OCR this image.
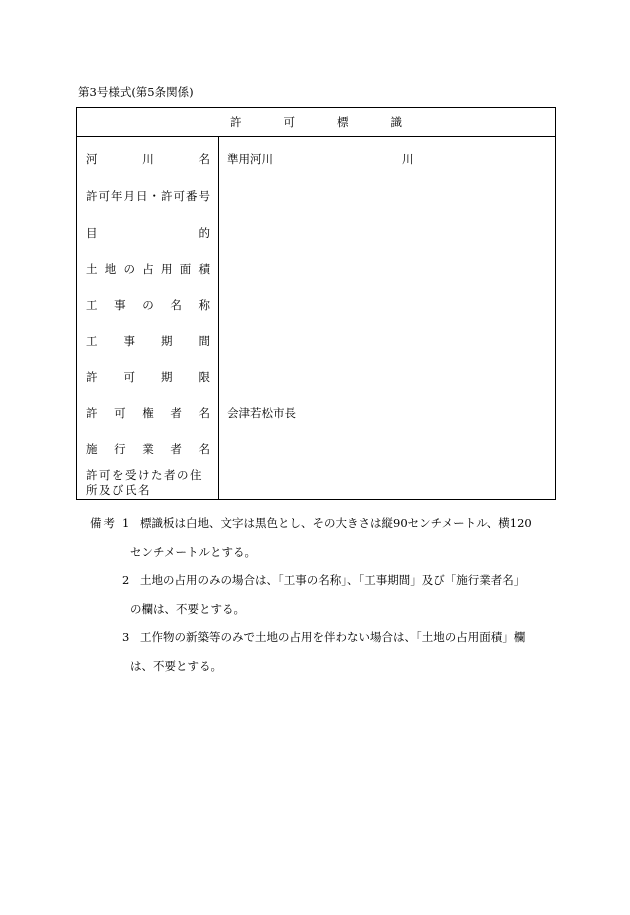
第3号様式(第5条関係)
許可標識
河川名 準用河川	川
許可年月日・許可番号
目的
土地の占用面積
工事の名称
工事期間
許可期限
許可権者名 会津若松市長
施行業者名
許可を受けた者の住所及び氏名
備考 1 標識板は白地、文字は黒色とし、その大きさは縦90センチメートル、横120
センチメートルとする。
2 土地の占用のみの場合は、「工事の名称」、「工事期間」及び「施行業者名」
の欄は、不要とする。
3 工作物の新築等のみで土地の占用を伴わない場合は、「土地の占用面積」欄
は、不要とする。
